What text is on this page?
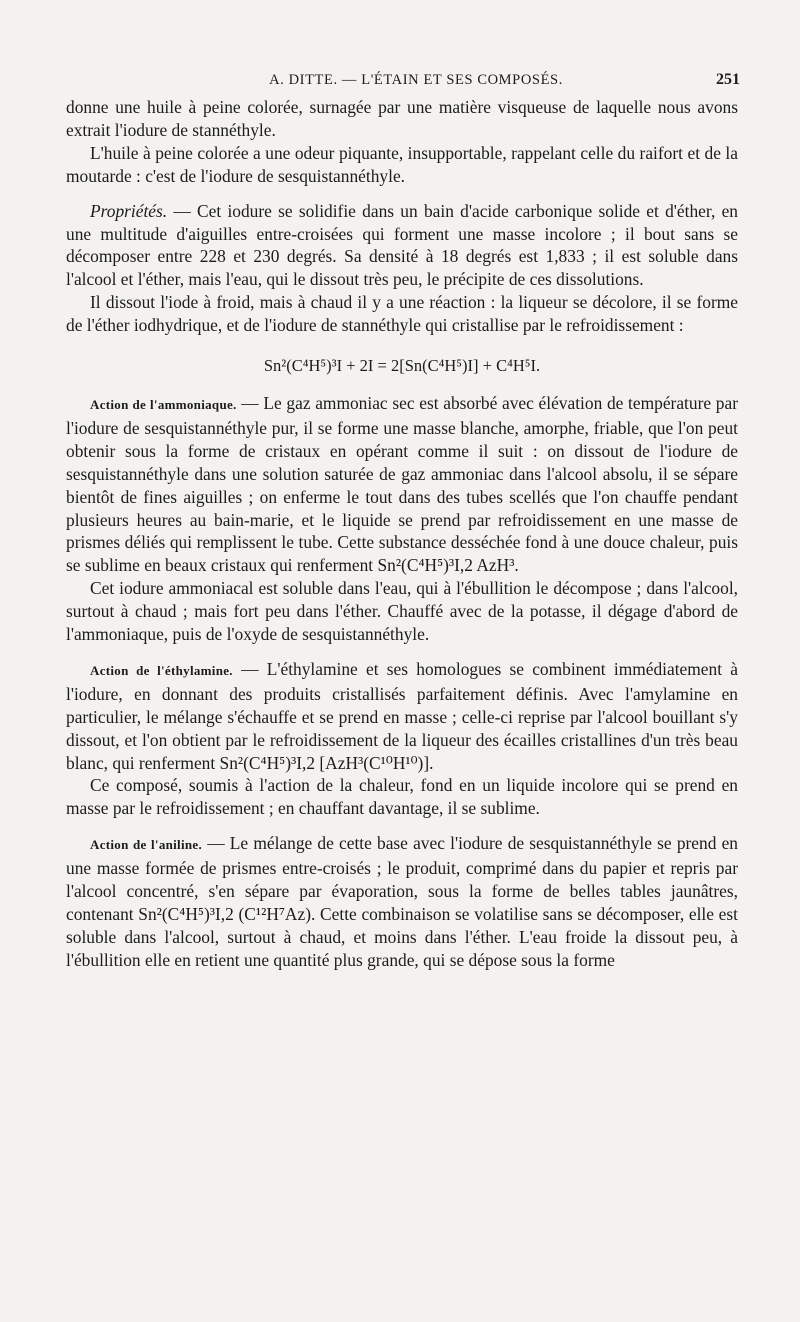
A. DITTE. — L'ÉTAIN ET SES COMPOSÉS.	251

donne une huile à peine colorée, surnagée par une matière visqueuse de laquelle nous avons extrait l'iodure de stannéthyle.

L'huile à peine colorée a une odeur piquante, insupportable, rappelant celle du raifort et de la moutarde : c'est de l'iodure de sesquistannéthyle.

Propriétés. — Cet iodure se solidifie dans un bain d'acide carbonique solide et d'éther, en une multitude d'aiguilles entre-croisées qui forment une masse incolore ; il bout sans se décomposer entre 228 et 230 degrés. Sa densité à 18 degrés est 1,833 ; il est soluble dans l'alcool et l'éther, mais l'eau, qui le dissout très peu, le précipite de ces dissolutions.

Il dissout l'iode à froid, mais à chaud il y a une réaction : la liqueur se décolore, il se forme de l'éther iodhydrique, et de l'iodure de stannéthyle qui cristallise par le refroidissement :

Sn²(C⁴H⁵)³I + 2I = 2[Sn(C⁴H⁵)I] + C⁴H⁵I.

Action de l'ammoniaque. — Le gaz ammoniac sec est absorbé avec élévation de température par l'iodure de sesquistannéthyle pur, il se forme une masse blanche, amorphe, friable, que l'on peut obtenir sous la forme de cristaux en opérant comme il suit : on dissout de l'iodure de sesquistannéthyle dans une solution saturée de gaz ammoniac dans l'alcool absolu, il se sépare bientôt de fines aiguilles ; on enferme le tout dans des tubes scellés que l'on chauffe pendant plusieurs heures au bain-marie, et le liquide se prend par refroidissement en une masse de prismes déliés qui remplissent le tube. Cette substance desséchée fond à une douce chaleur, puis se sublime en beaux cristaux qui renferment Sn²(C⁴H⁵)³I,2 AzH³.

Cet iodure ammoniacal est soluble dans l'eau, qui à l'ébullition le décompose ; dans l'alcool, surtout à chaud ; mais fort peu dans l'éther. Chauffé avec de la potasse, il dégage d'abord de l'ammoniaque, puis de l'oxyde de sesquistannéthyle.

Action de l'éthylamine. — L'éthylamine et ses homologues se combinent immédiatement à l'iodure, en donnant des produits cristallisés parfaitement définis. Avec l'amylamine en particulier, le mélange s'échauffe et se prend en masse ; celle-ci reprise par l'alcool bouillant s'y dissout, et l'on obtient par le refroidissement de la liqueur des écailles cristallines d'un très beau blanc, qui renferment Sn²(C⁴H⁵)³I,2 [AzH³(C¹⁰H¹⁰)].

Ce composé, soumis à l'action de la chaleur, fond en un liquide incolore qui se prend en masse par le refroidissement ; en chauffant davantage, il se sublime.

Action de l'aniline. — Le mélange de cette base avec l'iodure de sesquistannéthyle se prend en une masse formée de prismes entre-croisés ; le produit, comprimé dans du papier et repris par l'alcool concentré, s'en sépare par évaporation, sous la forme de belles tables jaunâtres, contenant Sn²(C⁴H⁵)³I,2 (C¹²H⁷Az). Cette combinaison se volatilise sans se décomposer, elle est soluble dans l'alcool, surtout à chaud, et moins dans l'éther. L'eau froide la dissout peu, à l'ébullition elle en retient une quantité plus grande, qui se dépose sous la forme
